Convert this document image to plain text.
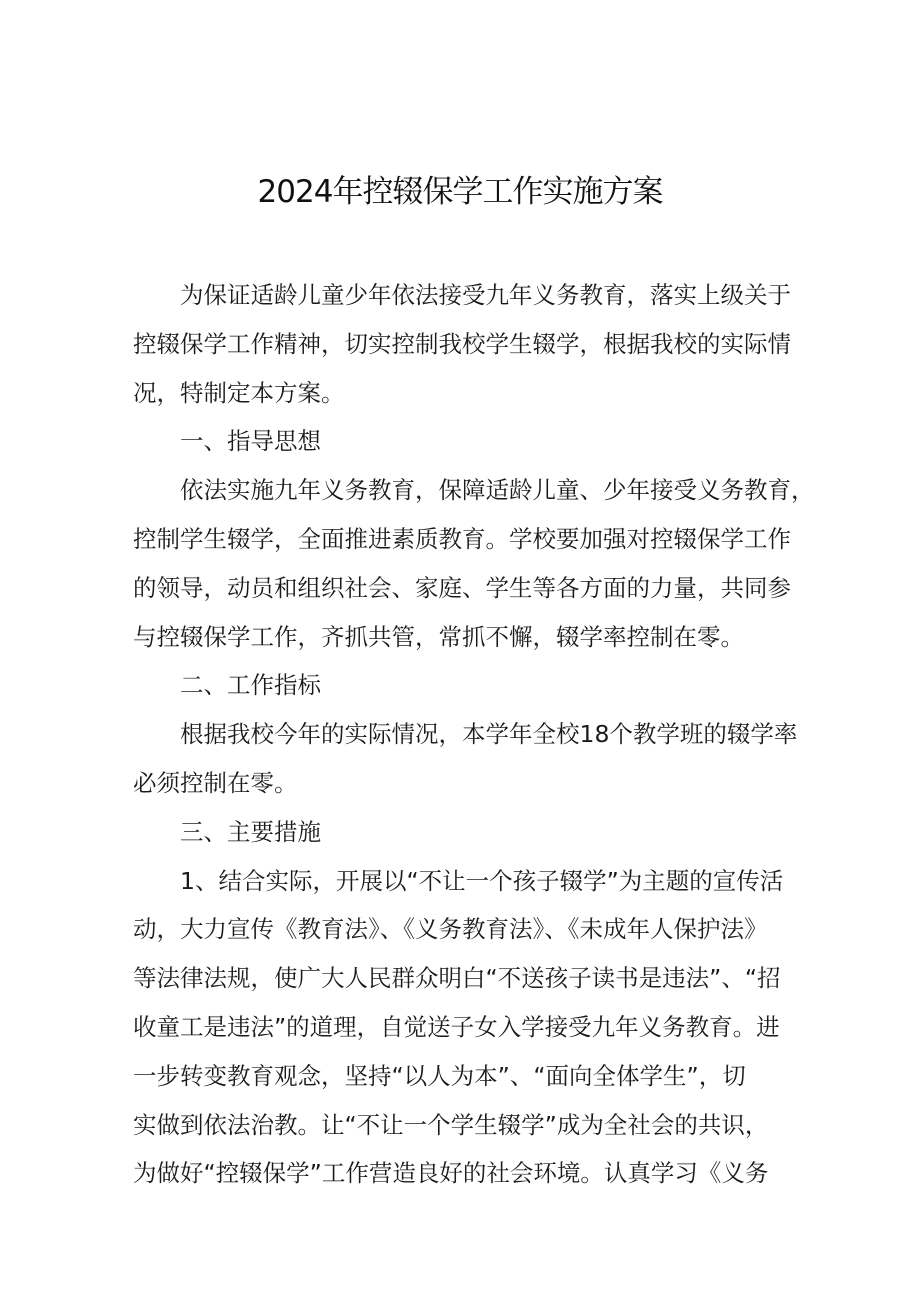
2024年控辍保学工作实施方案
为保证适龄儿童少年依法接受九年义务教育，落实上级关于
控辍保学工作精神，切实控制我校学生辍学，根据我校的实际情
况，特制定本方案。
一、指导思想
依法实施九年义务教育，保障适龄儿童、少年接受义务教育，
控制学生辍学，全面推进素质教育。学校要加强对控辍保学工作
的领导，动员和组织社会、家庭、学生等各方面的力量，共同参
与控辍保学工作，齐抓共管，常抓不懈，辍学率控制在零。
二、工作指标
根据我校今年的实际情况，本学年全校18个教学班的辍学率
必须控制在零。
三、主要措施
1、结合实际，开展以“不让一个孩子辍学”为主题的宣传活
动，大力宣传《教育法》、《义务教育法》、《未成年人保护法》
等法律法规，使广大人民群众明白“不送孩子读书是违法”、“招
收童工是违法”的道理，自觉送子女入学接受九年义务教育。进
一步转变教育观念，坚持“以人为本”、“面向全体学生”，切
实做到依法治教。让“不让一个学生辍学”成为全社会的共识，
为做好“控辍保学”工作营造良好的社会环境。认真学习《义务
